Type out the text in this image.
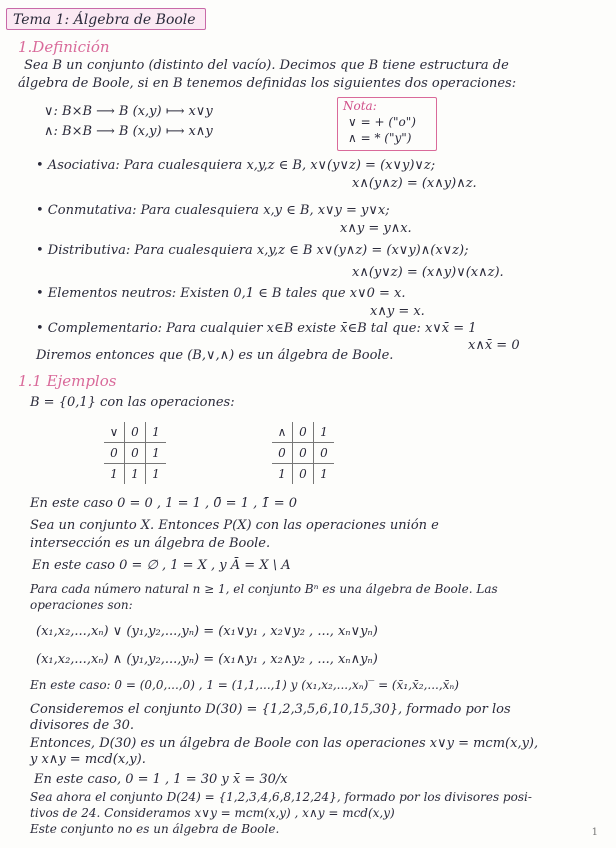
Tema 1: Álgebra de Boole
1.Definición
Sea B un conjunto (distinto del vacío). Decimos que B tiene estructura de
álgebra de Boole, si en B tenemos definidas los siguientes dos operaciones:
∨: B×B ⟶ B (x,y) ⟼ x∨y
∧: B×B ⟶ B (x,y) ⟼ x∧y
Nota:
∨ = + ("o")
∧ = * ("y")
• Asociativa: Para cualesquiera x,y,z ∈ B, x∨(y∨z) = (x∨y)∨z;
x∧(y∧z) = (x∧y)∧z.
• Conmutativa: Para cualesquiera x,y ∈ B, x∨y = y∨x;
x∧y = y∧x.
• Distributiva: Para cualesquiera x,y,z ∈ B x∨(y∧z) = (x∨y)∧(x∨z);
x∧(y∨z) = (x∧y)∨(x∧z).
• Elementos neutros: Existen 0,1 ∈ B tales que x∨0 = x.
x∧y = x.
• Complementario: Para cualquier x∈B existe x̄∈B tal que: x∨x̄ = 1
x∧x̄ = 0
Diremos entonces que (B,∨,∧) es un álgebra de Boole.
1.1 Ejemplos
B = {0,1} con las operaciones:
∨	0	1
0	0	1
1	1	1
∧	0	1
0	0	0
1	0	1
En este caso 0 = 0 , 1 = 1 , 0̄ = 1 , 1̄ = 0
Sea un conjunto X. Entonces P(X) con las operaciones unión e
intersección es un álgebra de Boole.
En este caso 0 = ∅ , 1 = X , y Ā = X \ A
Para cada número natural n ≥ 1, el conjunto Bⁿ es una álgebra de Boole. Las
operaciones son:
(x₁,x₂,...,xₙ) ∨ (y₁,y₂,...,yₙ) = (x₁∨y₁ , x₂∨y₂ , ..., xₙ∨yₙ)
(x₁,x₂,...,xₙ) ∧ (y₁,y₂,...,yₙ) = (x₁∧y₁ , x₂∧y₂ , ..., xₙ∧yₙ)
En este caso: 0 = (0,0,...,0) , 1 = (1,1,...,1) y (x₁,x₂,...,xₙ)‾ = (x̄₁,x̄₂,...,x̄ₙ)
Consideremos el conjunto D(30) = {1,2,3,5,6,10,15,30}, formado por los
divisores de 30.
Entonces, D(30) es un álgebra de Boole con las operaciones x∨y = mcm(x,y),
y x∧y = mcd(x,y).
En este caso, 0 = 1 , 1 = 30 y x̄ = 30/x
Sea ahora el conjunto D(24) = {1,2,3,4,6,8,12,24}, formado por los divisores posi-
tivos de 24. Consideramos x∨y = mcm(x,y) , x∧y = mcd(x,y)
Este conjunto no es un álgebra de Boole.	1
